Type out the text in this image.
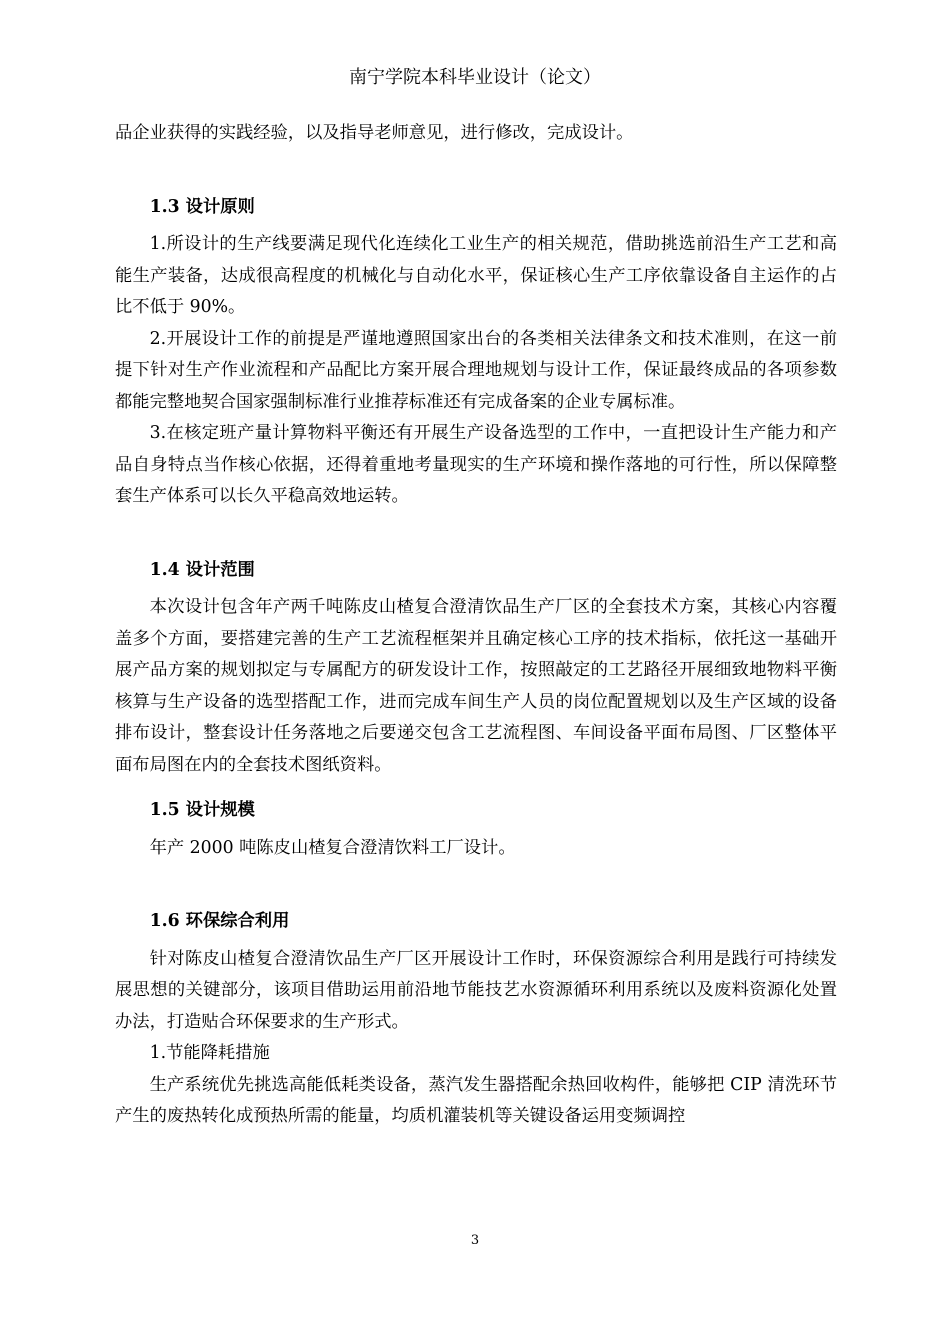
南宁学院本科毕业设计（论文）

品企业获得的实践经验，以及指导老师意见，进行修改，完成设计。

1.3 设计原则

1.所设计的生产线要满足现代化连续化工业生产的相关规范，借助挑选前沿生产工艺和高能生产装备，达成很高程度的机械化与自动化水平，保证核心生产工序依靠设备自主运作的占比不低于 90%。

2.开展设计工作的前提是严谨地遵照国家出台的各类相关法律条文和技术准则，在这一前提下针对生产作业流程和产品配比方案开展合理地规划与设计工作，保证最终成品的各项参数都能完整地契合国家强制标准行业推荐标准还有完成备案的企业专属标准。

3.在核定班产量计算物料平衡还有开展生产设备选型的工作中，一直把设计生产能力和产品自身特点当作核心依据，还得着重地考量现实的生产环境和操作落地的可行性，所以保障整套生产体系可以长久平稳高效地运转。

1.4 设计范围

本次设计包含年产两千吨陈皮山楂复合澄清饮品生产厂区的全套技术方案，其核心内容覆盖多个方面，要搭建完善的生产工艺流程框架并且确定核心工序的技术指标，依托这一基础开展产品方案的规划拟定与专属配方的研发设计工作，按照敲定的工艺路径开展细致地物料平衡核算与生产设备的选型搭配工作，进而完成车间生产人员的岗位配置规划以及生产区域的设备排布设计，整套设计任务落地之后要递交包含工艺流程图、车间设备平面布局图、厂区整体平面布局图在内的全套技术图纸资料。

1.5 设计规模

年产 2000 吨陈皮山楂复合澄清饮料工厂设计。

1.6 环保综合利用

针对陈皮山楂复合澄清饮品生产厂区开展设计工作时，环保资源综合利用是践行可持续发展思想的关键部分，该项目借助运用前沿地节能技艺水资源循环利用系统以及废料资源化处置办法，打造贴合环保要求的生产形式。

1.节能降耗措施

生产系统优先挑选高能低耗类设备，蒸汽发生器搭配余热回收构件，能够把 CIP 清洗环节产生的废热转化成预热所需的能量，均质机灌装机等关键设备运用变频调控

3
